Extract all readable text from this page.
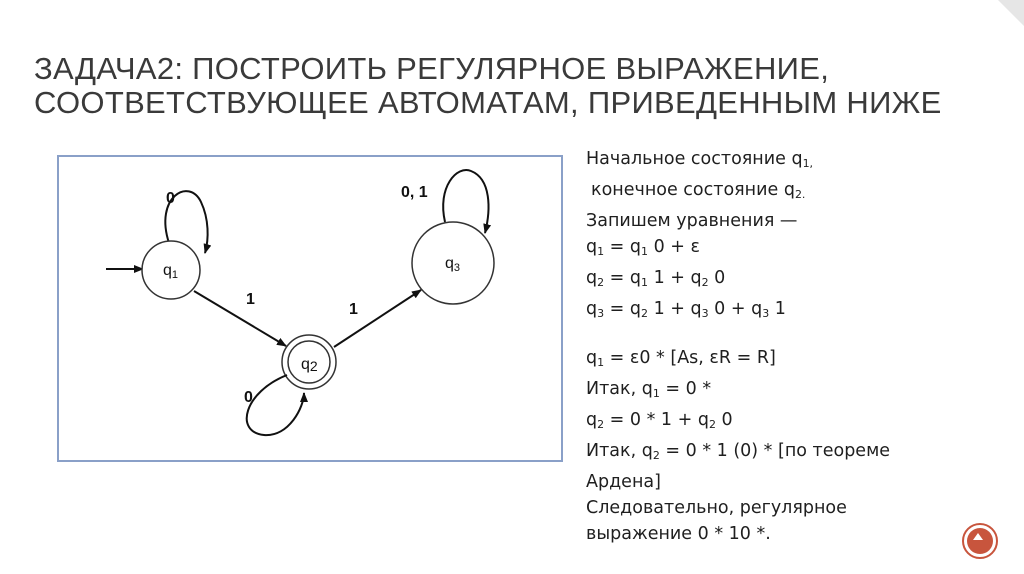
ЗАДАЧА2: ПОСТРОИТЬ РЕГУЛЯРНОЕ ВЫРАЖЕНИЕ,
СООТВЕТСТВУЮЩЕЕ АВТОМАТАМ, ПРИВЕДЕННЫМ НИЖЕ
0
q1
1
q2
0
1
q3
0, 1

Начальное состояние $q_{1,}$

конечное состояние $q_{2.}$

Запишем уравнения —

$q_1 = q_1$ 0 + ε

$q_2 = q_1$ $1 + q_2$ 0

$q_3 = q_2$ $1 + q_3$ $0 + q_3$ 1

$q_1 = \varepsilon 0 * [As$, εR = R]

Итак, $q_1 = 0$ *

$q_2 = 0 * 1 + q_2$ 0

Итак, $q_2 = 0 * 1$ (0) * [по теореме

Ардена]

Следовательно, регулярное

выражение 0 * 10 *.
